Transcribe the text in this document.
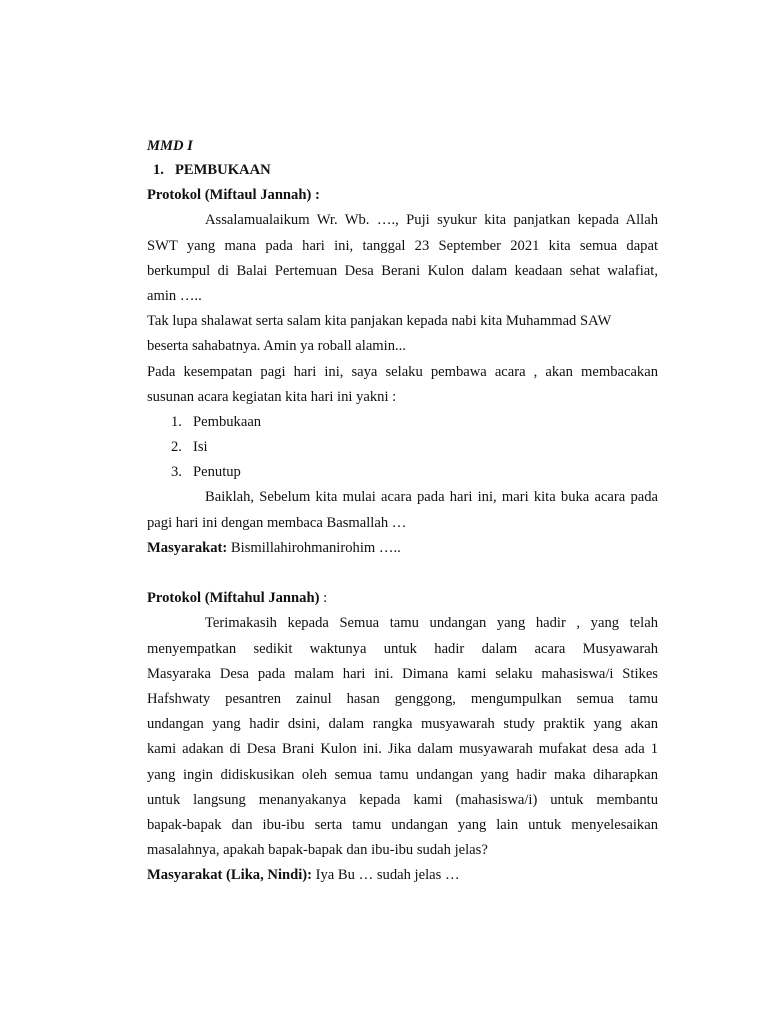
MMD I
1. PEMBUKAAN
Protokol (Miftaul Jannah) :
Assalamualaikum Wr. Wb. …., Puji syukur kita panjatkan kepada Allah
SWT yang mana pada hari ini, tanggal 23 September 2021 kita semua dapat
berkumpul di Balai Pertemuan Desa Berani Kulon dalam keadaan sehat walafiat,
amin …..
Tak lupa shalawat serta salam kita panjakan kepada nabi kita Muhammad SAW
beserta sahabatnya. Amin ya roball alamin...
Pada kesempatan pagi hari ini, saya selaku pembawa acara , akan membacakan
susunan acara kegiatan kita hari ini yakni :
1. Pembukaan
2. Isi
3. Penutup
Baiklah, Sebelum kita mulai acara pada hari ini, mari kita buka acara pada
pagi hari ini dengan membaca Basmallah …
Masyarakat: Bismillahirohmanirohim …..
Protokol (Miftahul Jannah) :
Terimakasih kepada Semua tamu undangan yang hadir , yang telah
menyempatkan sedikit waktunya untuk hadir dalam acara Musyawarah
Masyaraka Desa pada malam hari ini. Dimana kami selaku mahasiswa/i Stikes
Hafshwaty pesantren zainul hasan genggong, mengumpulkan semua tamu
undangan yang hadir dsini, dalam rangka musyawarah study praktik yang akan
kami adakan di Desa Brani Kulon ini. Jika dalam musyawarah mufakat desa ada 1
yang ingin didiskusikan oleh semua tamu undangan yang hadir maka diharapkan
untuk langsung menanyakanya kepada kami (mahasiswa/i) untuk membantu
bapak-bapak dan ibu-ibu serta tamu undangan yang lain untuk menyelesaikan
masalahnya, apakah bapak-bapak dan ibu-ibu sudah jelas?
Masyarakat (Lika, Nindi): Iya Bu … sudah jelas …
